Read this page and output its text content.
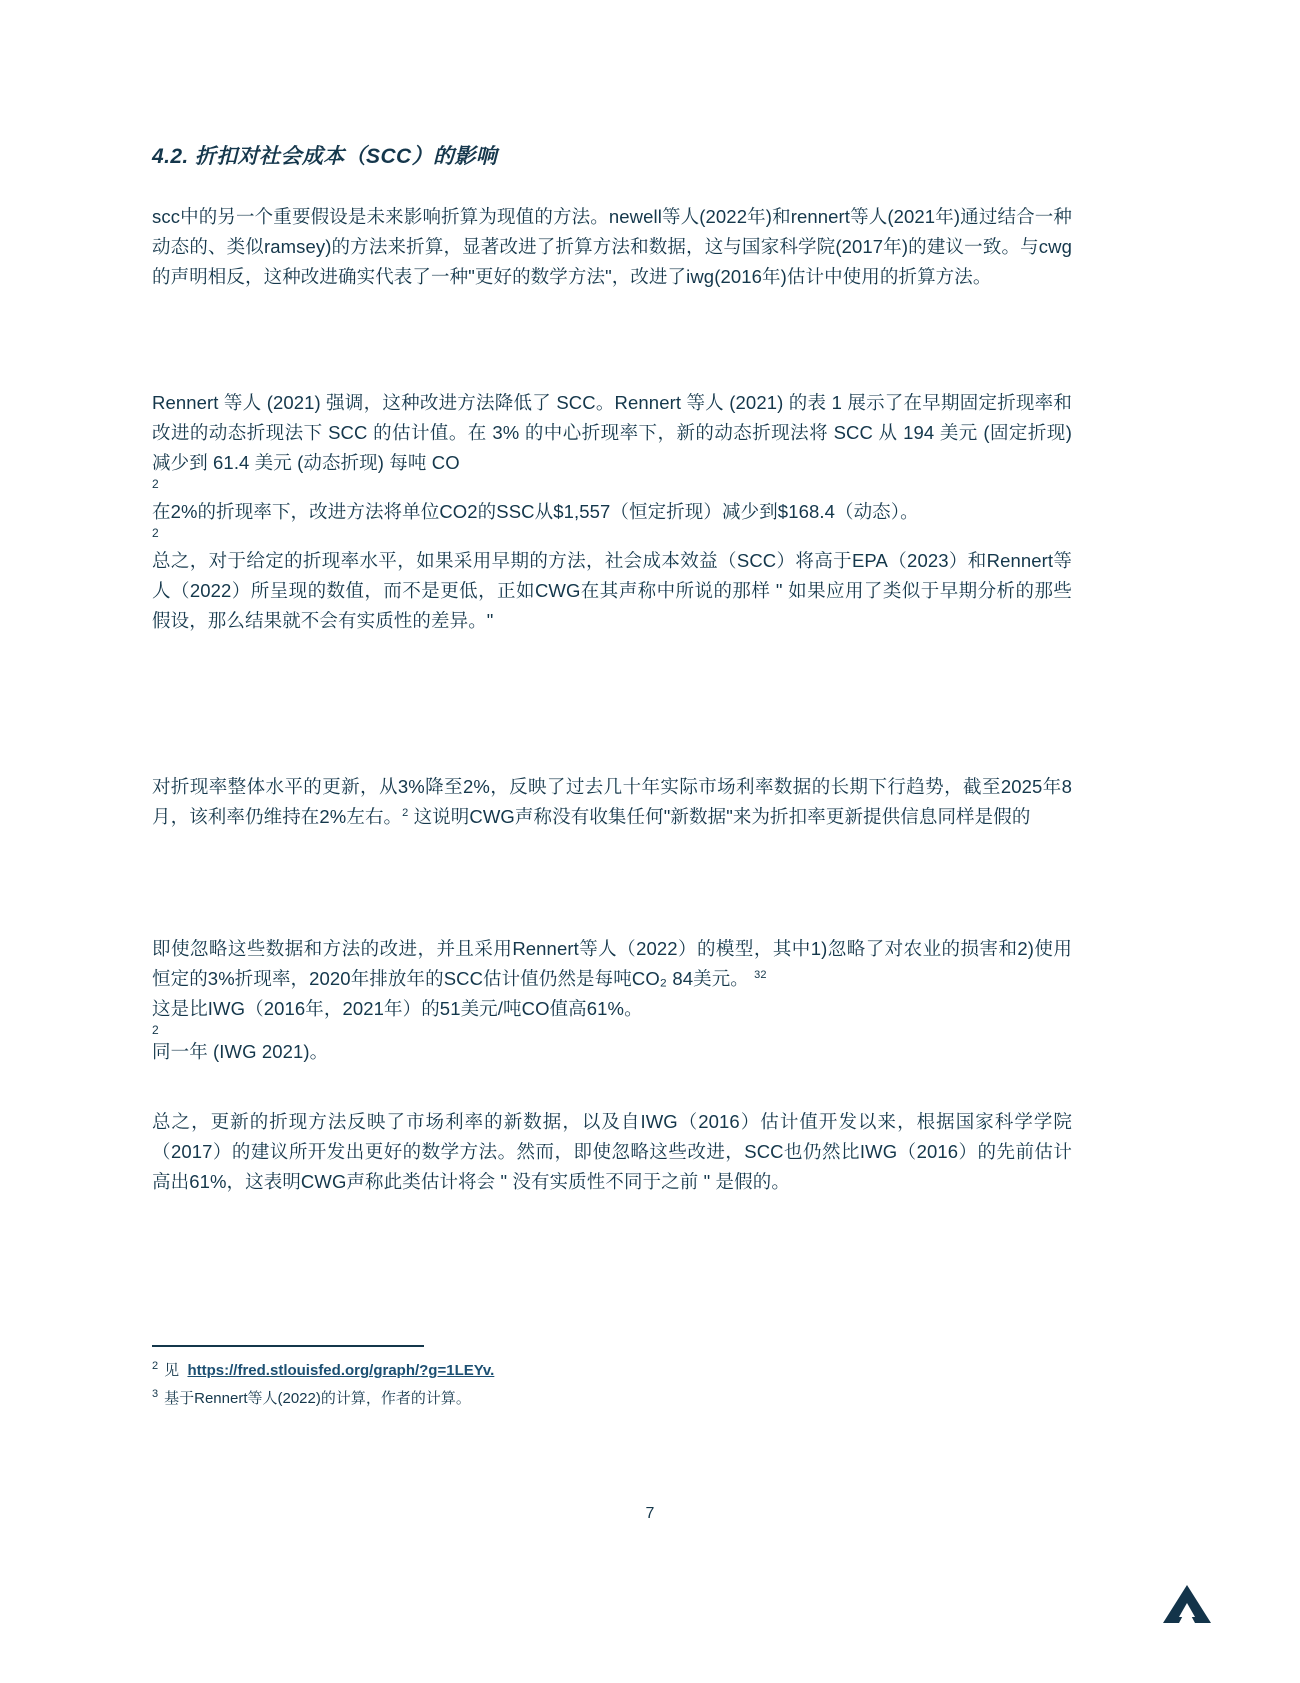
4.2. 折扣对社会成本（SCC）的影响

scc中的另一个重要假设是未来影响折算为现值的方法。newell等人(2022年)和rennert等人(2021年)通过结合一种动态的、类似ramsey)的方法来折算，显著改进了折算方法和数据，这与国家科学院(2017年)的建议一致。与cwg的声明相反，这种改进确实代表了一种"更好的数学方法"，改进了iwg(2016年)估计中使用的折算方法。

Rennert 等人 (2021) 强调，这种改进方法降低了 SCC。Rennert 等人 (2021) 的表 1 展示了在早期固定折现率和改进的动态折现法下 SCC 的估计值。在 3% 的中心折现率下，新的动态折现法将 SCC 从 194 美元 (固定折现) 减少到 61.4 美元 (动态折现) 每吨 CO

2

在2%的折现率下，改进方法将单位CO2的SSC从$1,557（恒定折现）减少到$168.4（动态）。

2

总之，对于给定的折现率水平，如果采用早期的方法，社会成本效益（SCC）将高于EPA（2023）和Rennert等人（2022）所呈现的数值，而不是更低，正如CWG在其声称中所说的那样 " 如果应用了类似于早期分析的那些假设，那么结果就不会有实质性的差异。"

对折现率整体水平的更新，从3%降至2%，反映了过去几十年实际市场利率数据的长期下行趋势，截至2025年8月，该利率仍维持在2%左右。$^2$ 这说明CWG声称没有收集任何"新数据"来为折扣率更新提供信息同样是假的

即使忽略这些数据和方法的改进，并且采用Rennert等人（2022）的模型，其中1)忽略了对农业的损害和2)使用恒定的3%折现率，2020年排放年的SCC估计值仍然是每吨CO₂ 84美元。 $^{32}$

这是比IWG（2016年，2021年）的51美元/吨CO值高61%。

2

同一年 (IWG 2021)。

总之，更新的折现方法反映了市场利率的新数据，以及自IWG（2016）估计值开发以来，根据国家科学学院（2017）的建议所开发出更好的数学方法。然而，即使忽略这些改进，SCC也仍然比IWG（2016）的先前估计高出61%，这表明CWG声称此类估计将会 " 没有实质性不同于之前 " 是假的。

$^2$ 见 https://fred.stlouisfed.org/graph/?g=1LEYv.

$^3$ 基于Rennert等人(2022)的计算，作者的计算。

7
